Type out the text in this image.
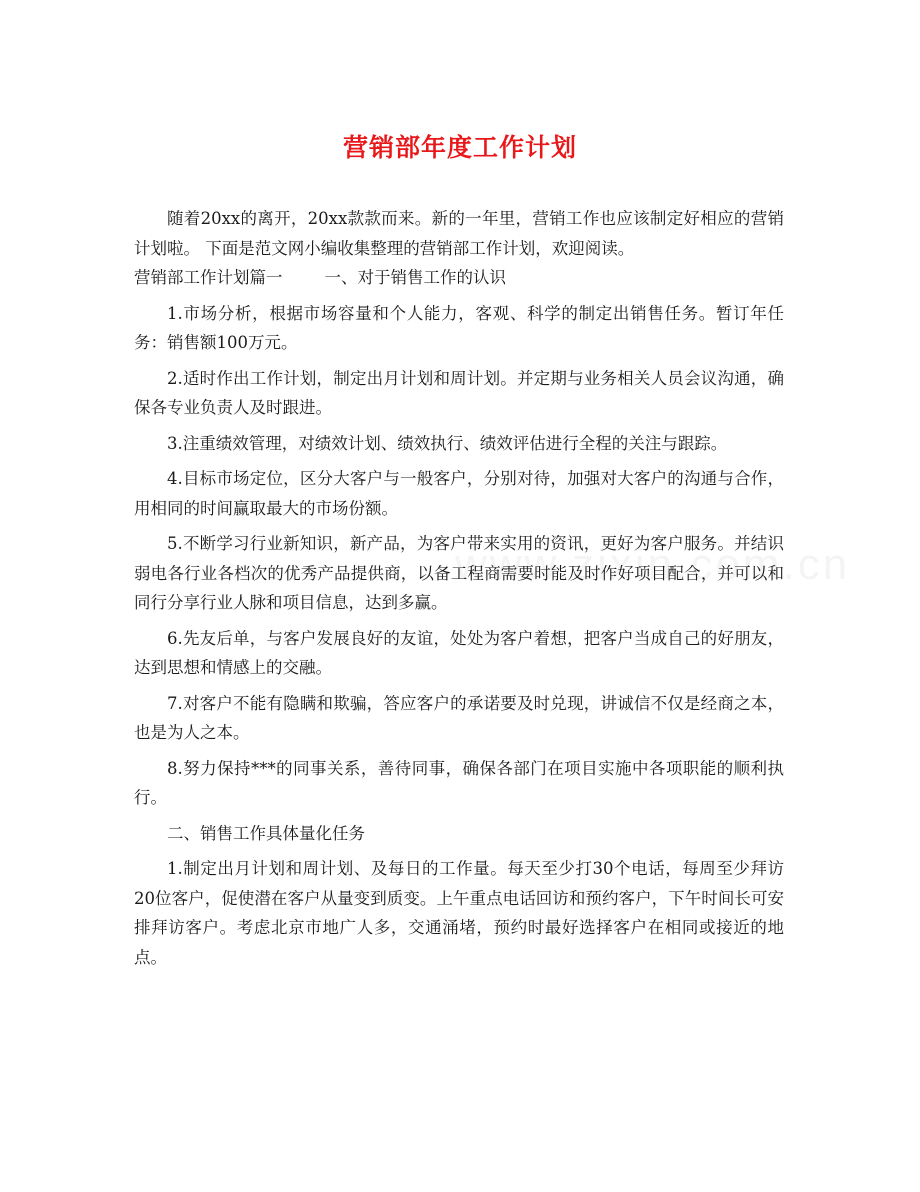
营销部年度工作计划

随着20xx的离开，20xx款款而来。新的一年里，营销工作也应该制定好相应的营销计划啦。 下面是范文网小编收集整理的营销部工作计划，欢迎阅读。

营销部工作计划篇一	一、对于销售工作的认识

1.市场分析，根据市场容量和个人能力，客观、科学的制定出销售任务。暂订年任务：销售额100万元。

2.适时作出工作计划，制定出月计划和周计划。并定期与业务相关人员会议沟通，确保各专业负责人及时跟进。

3.注重绩效管理，对绩效计划、绩效执行、绩效评估进行全程的关注与跟踪。

4.目标市场定位，区分大客户与一般客户，分别对待，加强对大客户的沟通与合作，用相同的时间赢取最大的市场份额。

5.不断学习行业新知识，新产品，为客户带来实用的资讯，更好为客户服务。并结识弱电各行业各档次的优秀产品提供商，以备工程商需要时能及时作好项目配合，并可以和同行分享行业人脉和项目信息，达到多赢。

6.先友后单，与客户发展良好的友谊，处处为客户着想，把客户当成自己的好朋友，达到思想和情感上的交融。

7.对客户不能有隐瞒和欺骗，答应客户的承诺要及时兑现，讲诚信不仅是经商之本，也是为人之本。

8.努力保持***的同事关系，善待同事，确保各部门在项目实施中各项职能的顺利执行。

二、销售工作具体量化任务

1.制定出月计划和周计划、及每日的工作量。每天至少打30个电话，每周至少拜访20位客户，促使潜在客户从量变到质变。上午重点电话回访和预约客户，下午时间长可安排拜访客户。考虑北京市地广人多，交通涌堵，预约时最好选择客户在相同或接近的地点。
